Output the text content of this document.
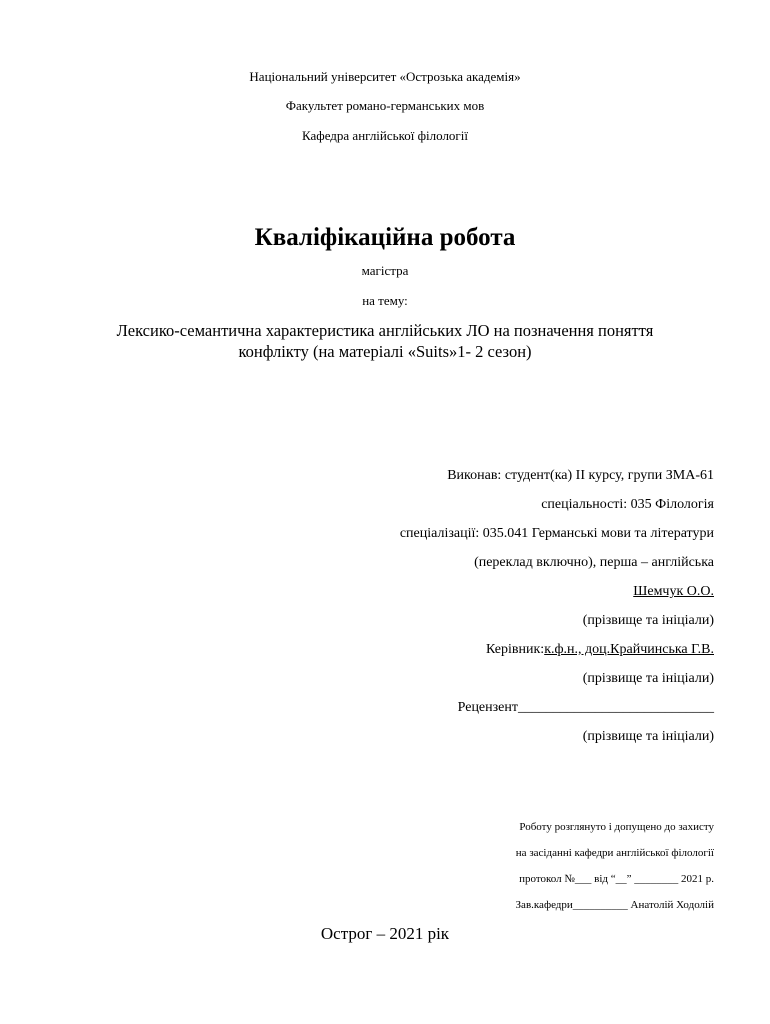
Національний університет «Острозька академія»
Факультет романо-германських мов
Кафедра англійської філології
Кваліфікаційна робота
магістра
на тему:
Лексико-семантична характеристика англійських ЛО на позначення поняття
конфлікту (на матеріалі «Suits»1- 2 сезон)
Виконав: студент(ка) II курсу, групи ЗМА-61
спеціальності: 035 Філологія
спеціалізації: 035.041 Германські мови та літератури
(переклад включно), перша – англійська
Шемчук О.О.
(прізвище та ініціали)
Керівник:к.ф.н., доц.Крайчинська Г.В.
(прізвище та ініціали)
Рецензент____________________________
(прізвище та ініціали)
Роботу розглянуто і допущено до захисту
на засіданні кафедри англійської філології
протокол №___ від “__” ________ 2021 р.
Зав.кафедри__________ Анатолій Ходолій
Острог – 2021 рік
